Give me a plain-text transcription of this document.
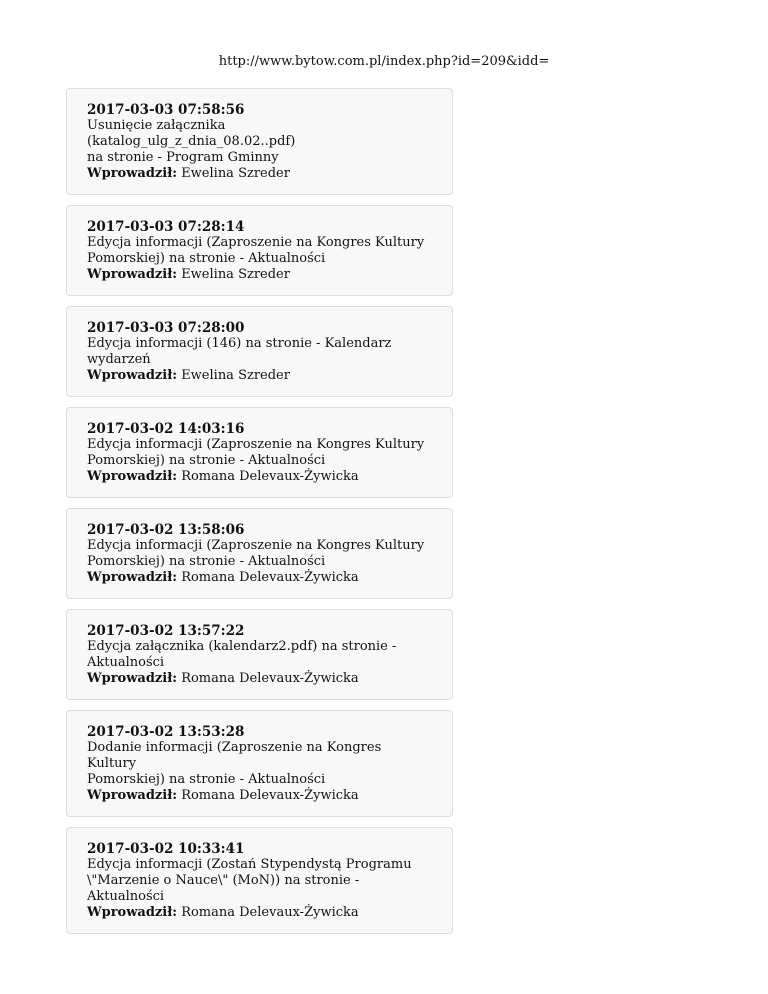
http://www.bytow.com.pl/index.php?id=209&idd=
2017-03-03 07:58:56
Usunięcie załącznika (katalog_ulg_z_dnia_08.02..pdf)
na stronie - Program Gminny
Wprowadził: Ewelina Szreder
2017-03-03 07:28:14
Edycja informacji (Zaproszenie na Kongres Kultury
Pomorskiej) na stronie - Aktualności
Wprowadził: Ewelina Szreder
2017-03-03 07:28:00
Edycja informacji (146) na stronie - Kalendarz
wydarzeń
Wprowadził: Ewelina Szreder
2017-03-02 14:03:16
Edycja informacji (Zaproszenie na Kongres Kultury
Pomorskiej) na stronie - Aktualności
Wprowadził: Romana Delevaux-Żywicka
2017-03-02 13:58:06
Edycja informacji (Zaproszenie na Kongres Kultury
Pomorskiej) na stronie - Aktualności
Wprowadził: Romana Delevaux-Żywicka
2017-03-02 13:57:22
Edycja załącznika (kalendarz2.pdf) na stronie -
Aktualności
Wprowadził: Romana Delevaux-Żywicka
2017-03-02 13:53:28
Dodanie informacji (Zaproszenie na Kongres Kultury
Pomorskiej) na stronie - Aktualności
Wprowadził: Romana Delevaux-Żywicka
2017-03-02 10:33:41
Edycja informacji (Zostań Stypendystą Programu
\"Marzenie o Nauce\" (MoN)) na stronie -
Aktualności
Wprowadził: Romana Delevaux-Żywicka
